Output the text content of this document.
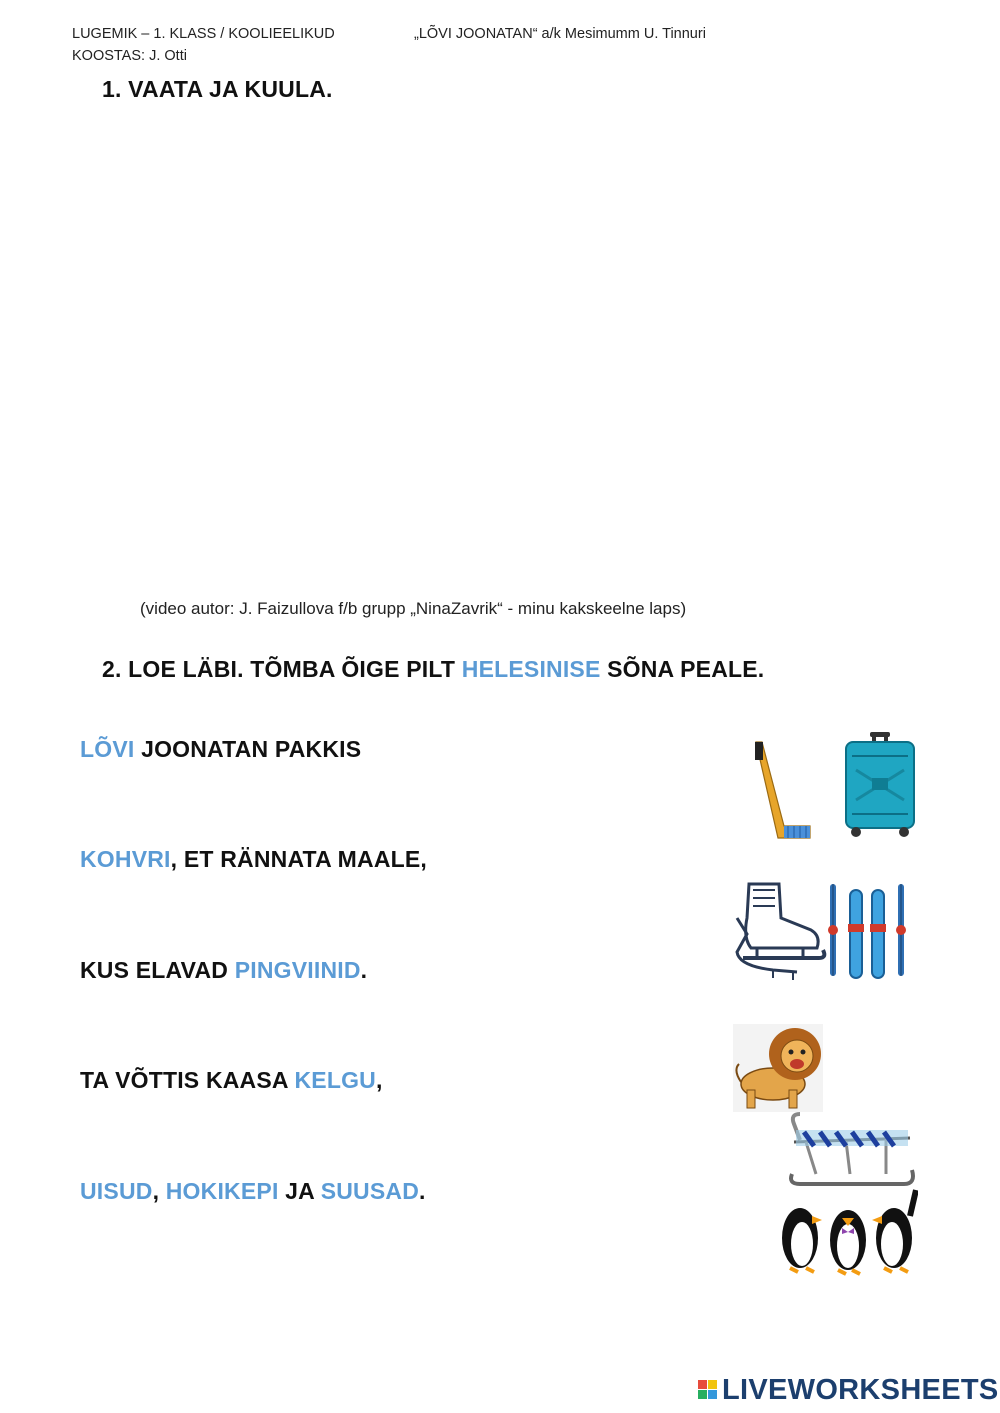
LUGEMIK – 1. KLASS / KOOLIEELIKUD
KOOSTAS: J. Otti
„LÕVI JOONATAN“ a/k Mesimumm U. Tinnuri
1. VAATA JA KUULA.
(video autor: J. Faizullova f/b grupp „NinaZavrik“ - minu kakskeelne laps)
2. LOE LÄBI. TÕMBA ÕIGE PILT HELESINISE SÕNA PEALE.
LÕVI JOONATAN PAKKIS
KOHVRI, ET RÄNNATA MAALE,
KUS ELAVAD PINGVIINID.
TA VÕTTIS KAASA KELGU,
UISUD, HOKIKEPI JA SUUSAD.

LIVEWORKSHEETS
